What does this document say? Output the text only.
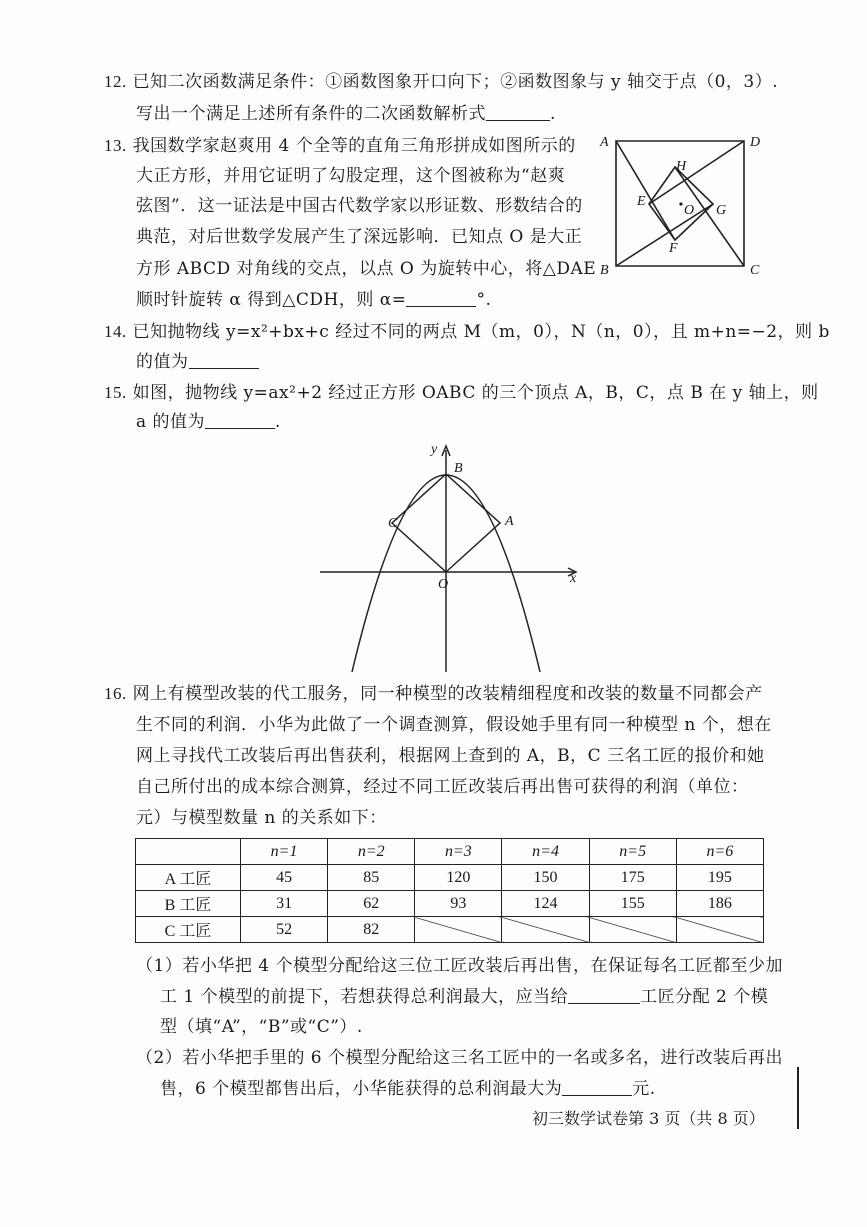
12. 已知二次函数满足条件：①函数图象开口向下；②函数图象与 y 轴交于点（0，3）.
写出一个满足上述所有条件的二次函数解析式	.
13. 我国数学家赵爽用 4 个全等的直角三角形拼成如图所示的
大正方形，并用它证明了勾股定理，这个图被称为“赵爽
弦图”．这一证法是中国古代数学家以形证数、形数结合的
典范，对后世数学发展产生了深远影响．已知点 O 是大正
方形 ABCD 对角线的交点，以点 O 为旋转中心，将△DAE
顺时针旋转 α 得到△CDH，则 α=	°.
A	D
B	C
H
E
G
F
O
14. 已知抛物线 y=x²+bx+c 经过不同的两点 M（m，0），N（n，0），且 m+n=−2，则 b
的值为
15. 如图，抛物线 y=ax²+2 经过正方形 OABC 的三个顶点 A，B，C，点 B 在 y 轴上，则
a 的值为	.
y
x
B
C	A
O
16. 网上有模型改装的代工服务，同一种模型的改装精细程度和改装的数量不同都会产
生不同的利润．小华为此做了一个调查测算，假设她手里有同一种模型 n 个，想在
网上寻找代工改装后再出售获利，根据网上查到的 A，B，C 三名工匠的报价和她
自己所付出的成本综合测算，经过不同工匠改装后再出售可获得的利润（单位：
元）与模型数量 n 的关系如下：
	n=1	n=2	n=3	n=4	n=5	n=6
A 工匠	45	85	120	150	175	195
B 工匠	31	62	93	124	155	186
C 工匠	52	82				
（1）若小华把 4 个模型分配给这三位工匠改装后再出售，在保证每名工匠都至少加
工 1 个模型的前提下，若想获得总利润最大，应当给	工匠分配 2 个模
型（填“A”，“B”或“C”）.
（2）若小华把手里的 6 个模型分配给这三名工匠中的一名或多名，进行改装后再出
售，6 个模型都售出后，小华能获得的总利润最大为	元.
初三数学试卷第 3 页（共 8 页）
